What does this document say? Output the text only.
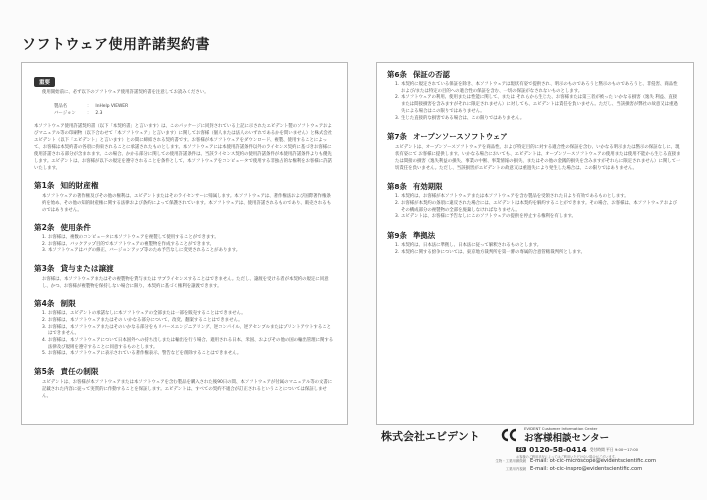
ソフトウェア使用許諾契約書
重要

使用開始前に、必ず以下のソフトウェア使用許諾契約書を注意してお読みください。

製品名	： InHelp VIEWER
バージョン	： 2.3

本ソフトウェア使用許諾契約書（以下「本契約書」と言います）は、このパッケージに同封されている上記に示されたエビデント製のソフトウェアおよびマニュアル等の印刷物（以下合わせて「本ソフトウェア」と言います）に関してお客様（個人または法人のいずれであるかを問いません）と株式会社エビデント（以下「エビデント」と言います）との間に締結される契約書です。お客様が本ソフトウェアをダウンロード、複製、使用することによって、お客様は本契約書の各項に拘束されることに承諾されたものとします。本ソフトウェアには本使用許諾条件以外のライセンス契約に基づきお客様に使用許諾される部分が含まれます。この場合、かかる部分に関しての使用許諾条件は、当該ライセンス契約の使用許諾条件が本使用許諾条件よりも優先します。エビデントは、お客様が以下の規定を遵守されることを条件として、本ソフトウェアをコンピュータで使用する非独占的な権利をお客様に許諾いたします。

第1条 知的財産権

本ソフトウェアの著作権及びその他の権利は、エビデントまたはそのライセンサーに帰属します。本ソフトウェアは、著作権法および国際著作権条約を始め、その他の知的財産権に関する法律および条約によって保護されています。本ソフトウェアは、使用許諾されるものであり、販売されるものではありません。

第2条 使用条件
1. お客様は、複数のコンピュータに本ソフトウェアを複製して使用することができます。
2. お客様は、バックアップ目的で本ソフトウェアの複製物を作成することができます。
3. 本ソフトウェアはバグの修正、バージョンアップ等のため予告なしに変更されることがあります。
第3条 貸与または譲渡

お客様は、本ソフトウェアまたはその複製物を貸与または サブライセンスすることはできません。ただし、譲渡を受ける者が本契約の規定に同意し、かつ、お客様が複製物を保持しない場合に限り、本契約に基づく権利を譲渡できます。

第4条 制限
1. お客様は、エビデントの承諾なしに本ソフトウェアの全部または一部を販売することはできません。
2. お客様は、本ソフトウェアまたはその いかなる部分について、改変、翻案することはできません。
3. お客様は、本ソフトウェアまたはそのいかなる部分をもリバースエンジニアリング、逆コンパイル、逆アセンブルまたはプリントアウトすることはできません。
4. お客様は、本ソフトウェアについて日本国外への持ち出しまたは輸出を行う場合、適用される日本、米国、およびその他の国の輸出管理に関する法律及び規則を遵守することに同意するものとします。
5. お客様は、本ソフトウェアに表示されている著作権表示、警告などを削除することはできません。
第5条 責任の制限

エビデントは、お客様が本ソフトウェアまたは本ソフトウェアを含む製品を購入された後90日の間、本ソフトウェアが付属のマニュアル等の文書に記載された内容に従って実質的に作動することを保証します。エビデントは、すべての契約不適合が訂正されるということについては保証しません。

第6条 保証の否認
1. 本契約に規定されている保証を除き、本ソフトウェアは現状有姿で提供され、明示のものであろうと黙示のものであろうと、非侵害、商品性および/または特定の目的への適合性の保証を含む、一切の保証がなされないものとします。
2. 本ソフトウェアの利用、使用または性能に関して、または それらから生じた、お客様または第三者が被った いかなる損害（逸失 利益、直接または間接損害を含みますがそれに限定されません）に対しても、エビデントは責任を負いません。ただし、当該損害が弊社の故意又は重過失による場合はこの限りではありません。
3. 生じた直接的な損害である場合は、この限りではありません。
第7条 オープンソースソフトウェア

エビデントは、オープンソースソフトウェアを商品性、および特定目的に対する適合性の保証を含む、いかなる明示または黙示の保証なしに、現状有姿にて お客様に提供します。いかなる場合においても、エビデントは、オープンソースソフトウェアの使用または使用不能から生じる直接または間接の損害（逸失利益の損失、事業の中断、事業情報の損失、またはその他の金銭的損失を含みますがそれらに限定されません）に関して一切責任を負いません。ただし、当該損害がエビデントの故意又は重過失により発生した場合は、この限りではありません。

第8条 有効期限
1. 本契約は、お客様が本ソフトウェアまたは本ソフトウェアを含む製品を受領された日より有効であるものとします。
2. お客様が本契約の条項に違反された場合には、エビデントは本契約を解約することができます。その場合、お客様は、本ソフトウェアおよびその構成部分の複製物の全部を廃棄しなければなりません。
3. エビデントは、お客様に予告なしにこのソフトウェアの提供を停止する権利を有します。
第9条 準拠法
1. 本契約は、日本法に準拠し、日本法に従って解釈されるものとします。
2. 本契約に関する紛争については、東京地方裁判所を第一審の専属的合意管轄裁判所とします。

株式会社エビデント

EVIDENT Customer Information Center
お客様相談センター
FD 0120-58-0414 受付時間 平日 9:00〜17:00
お客様のご利用状況によってはご利用いただけない場合がございます。
生物・工業用顕微鏡 E-mail: ot-cic-microscope@evidentscientific.com
工業用内視鏡 E-mail: ot-cic-inspro@evidentscientific.com
